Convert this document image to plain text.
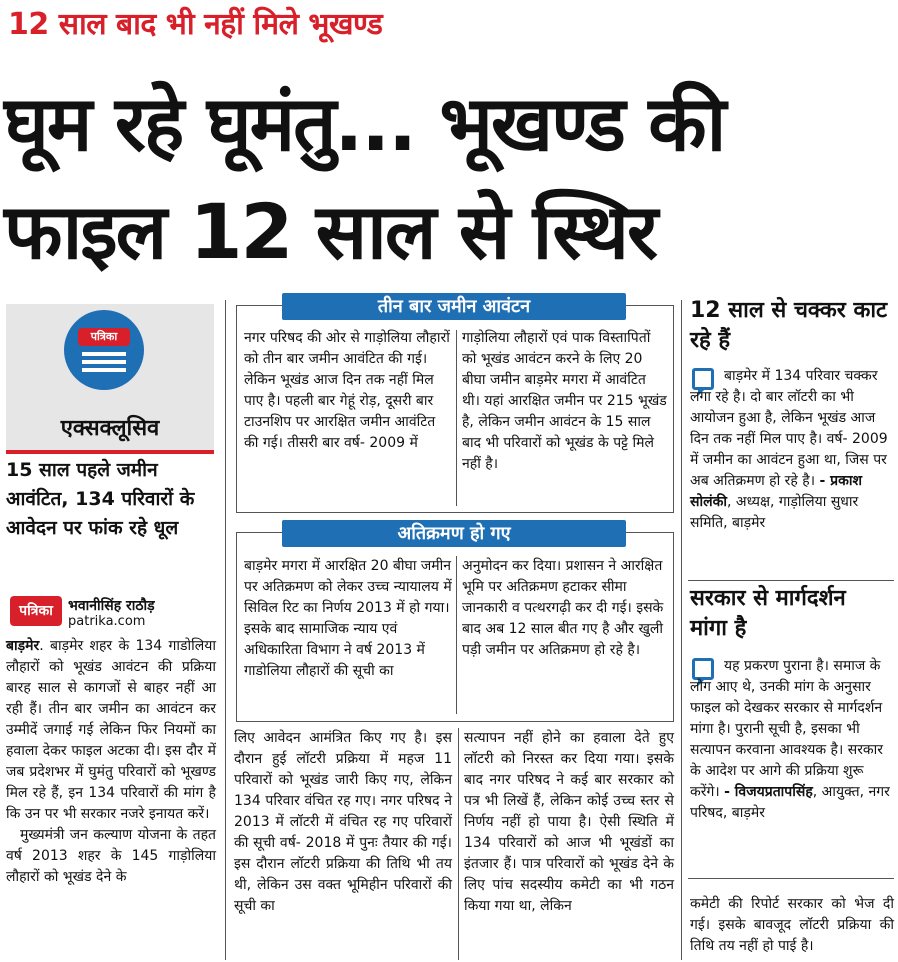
12 साल बाद भी नहीं मिले भूखण्ड
घूम रहे घूमंतु... भूखण्ड की
फाइल 12 साल से स्थिर
पत्रिका
एक्सक्लूसिव
15 साल पहले जमीन आवंटित, 134 परिवारों के आवेदन पर फांक रहे धूल
पत्रिका	भवानीसिंह राठौड़
patrika.com

बाड़मेर. बाड़मेर शहर के 134 गाडोलिया लौहारों को भूखंड आवंटन की प्रक्रिया बारह साल से कागजों से बाहर नहीं आ रही हैं। तीन बार जमीन का आवंटन कर उम्मीदें जगाई गई लेकिन फिर नियमों का हवाला देकर फाइल अटका दी। इस दौर में जब प्रदेशभर में घुमंतु परिवारों को भूखण्ड मिल रहे हैं, इन 134 परिवारों की मांग है कि उन पर भी सरकार नजरे इनायत करें।

मुख्यमंत्री जन कल्याण योजना के तहत वर्ष 2013 शहर के 145 गाड़ोलिया लौहारों को भूखंड देने के

तीन बार जमीन आवंटन
नगर परिषद की ओर से गाड़ोलिया लौहारों को तीन बार जमीन आवंटित की गई। लेकिन भूखंड आज दिन तक नहीं मिल पाए है। पहली बार गेहूं रोड़, दूसरी बार टाउनशिप पर आरक्षित जमीन आवंटित की गई। तीसरी बार वर्ष- 2009 में
गाड़ोलिया लौहारों एवं पाक विस्तापितों को भूखंड आवंटन करने के लिए 20 बीघा जमीन बाड़मेर मगरा में आवंटित थी। यहां आरक्षित जमीन पर 215 भूखंड है, लेकिन जमीन आवंटन के 15 साल बाद भी परिवारों को भूखंड के पट्टे मिले नहीं है।
अतिक्रमण हो गए
बाड़मेर मगरा में आरक्षित 20 बीघा जमीन पर अतिक्रमण को लेकर उच्च न्यायालय में सिविल रिट का निर्णय 2013 में हो गया। इसके बाद सामाजिक न्याय एवं अधिकारिता विभाग ने वर्ष 2013 में गाडोलिया लौहारों की सूची का
अनुमोदन कर दिया। प्रशासन ने आरक्षित भूमि पर अतिक्रमण हटाकर सीमा जानकारी व पत्थरगढ़ी कर दी गई। इसके बाद अब 12 साल बीत गए है और खुली पड़ी जमीन पर अतिक्रमण हो रहे है।
लिए आवेदन आमंत्रित किए गए है। इस दौरान हुई लॉटरी प्रक्रिया में महज 11 परिवारों को भूखंड जारी किए गए, लेकिन 134 परिवार वंचित रह गए। नगर परिषद ने 2013 में लॉटरी में वंचित रह गए परिवारों की सूची वर्ष- 2018 में पुनः तैयार की गई। इस दौरान लॉटरी प्रक्रिया की तिथि भी तय थी, लेकिन उस वक्त भूमिहीन परिवारों की सूची का
सत्यापन नहीं होने का हवाला देते हुए लॉटरी को निरस्त कर दिया गया। इसके बाद नगर परिषद ने कई बार सरकार को पत्र भी लिखें हैं, लेकिन कोई उच्च स्तर से निर्णय नहीं हो पाया है। ऐसी स्थिति में 134 परिवारों को आज भी भूखंडों का इंतजार हैं। पात्र परिवारों को भूखंड देने के लिए पांच सदस्यीय कमेटी का भी गठन किया गया था, लेकिन
12 साल से चक्कर काट रहे हैं
बाड़मेर में 134 परिवार चक्कर लगा रहे है। दो बार लॉटरी का भी आयोजन हुआ है, लेकिन भूखंड आज दिन तक नहीं मिल पाए है। वर्ष- 2009 में जमीन का आवंटन हुआ था, जिस पर अब अतिक्रमण हो रहे है। - प्रकाश सोलंकी, अध्यक्ष, गाड़ोलिया सुधार समिति, बाड़मेर
सरकार से मार्गदर्शन मांगा है
यह प्रकरण पुराना है। समाज के लोग आए थे, उनकी मांग के अनुसार फाइल को देखकर सरकार से मार्गदर्शन मांगा है। पुरानी सूची है, इसका भी सत्यापन करवाना आवश्यक है। सरकार के आदेश पर आगे की प्रक्रिया शुरू करेंगे। - विजयप्रतापसिंह, आयुक्त, नगर परिषद, बाड़मेर
कमेटी की रिपोर्ट सरकार को भेज दी गई। इसके बावजूद लॉटरी प्रक्रिया की तिथि तय नहीं हो पाई है।
